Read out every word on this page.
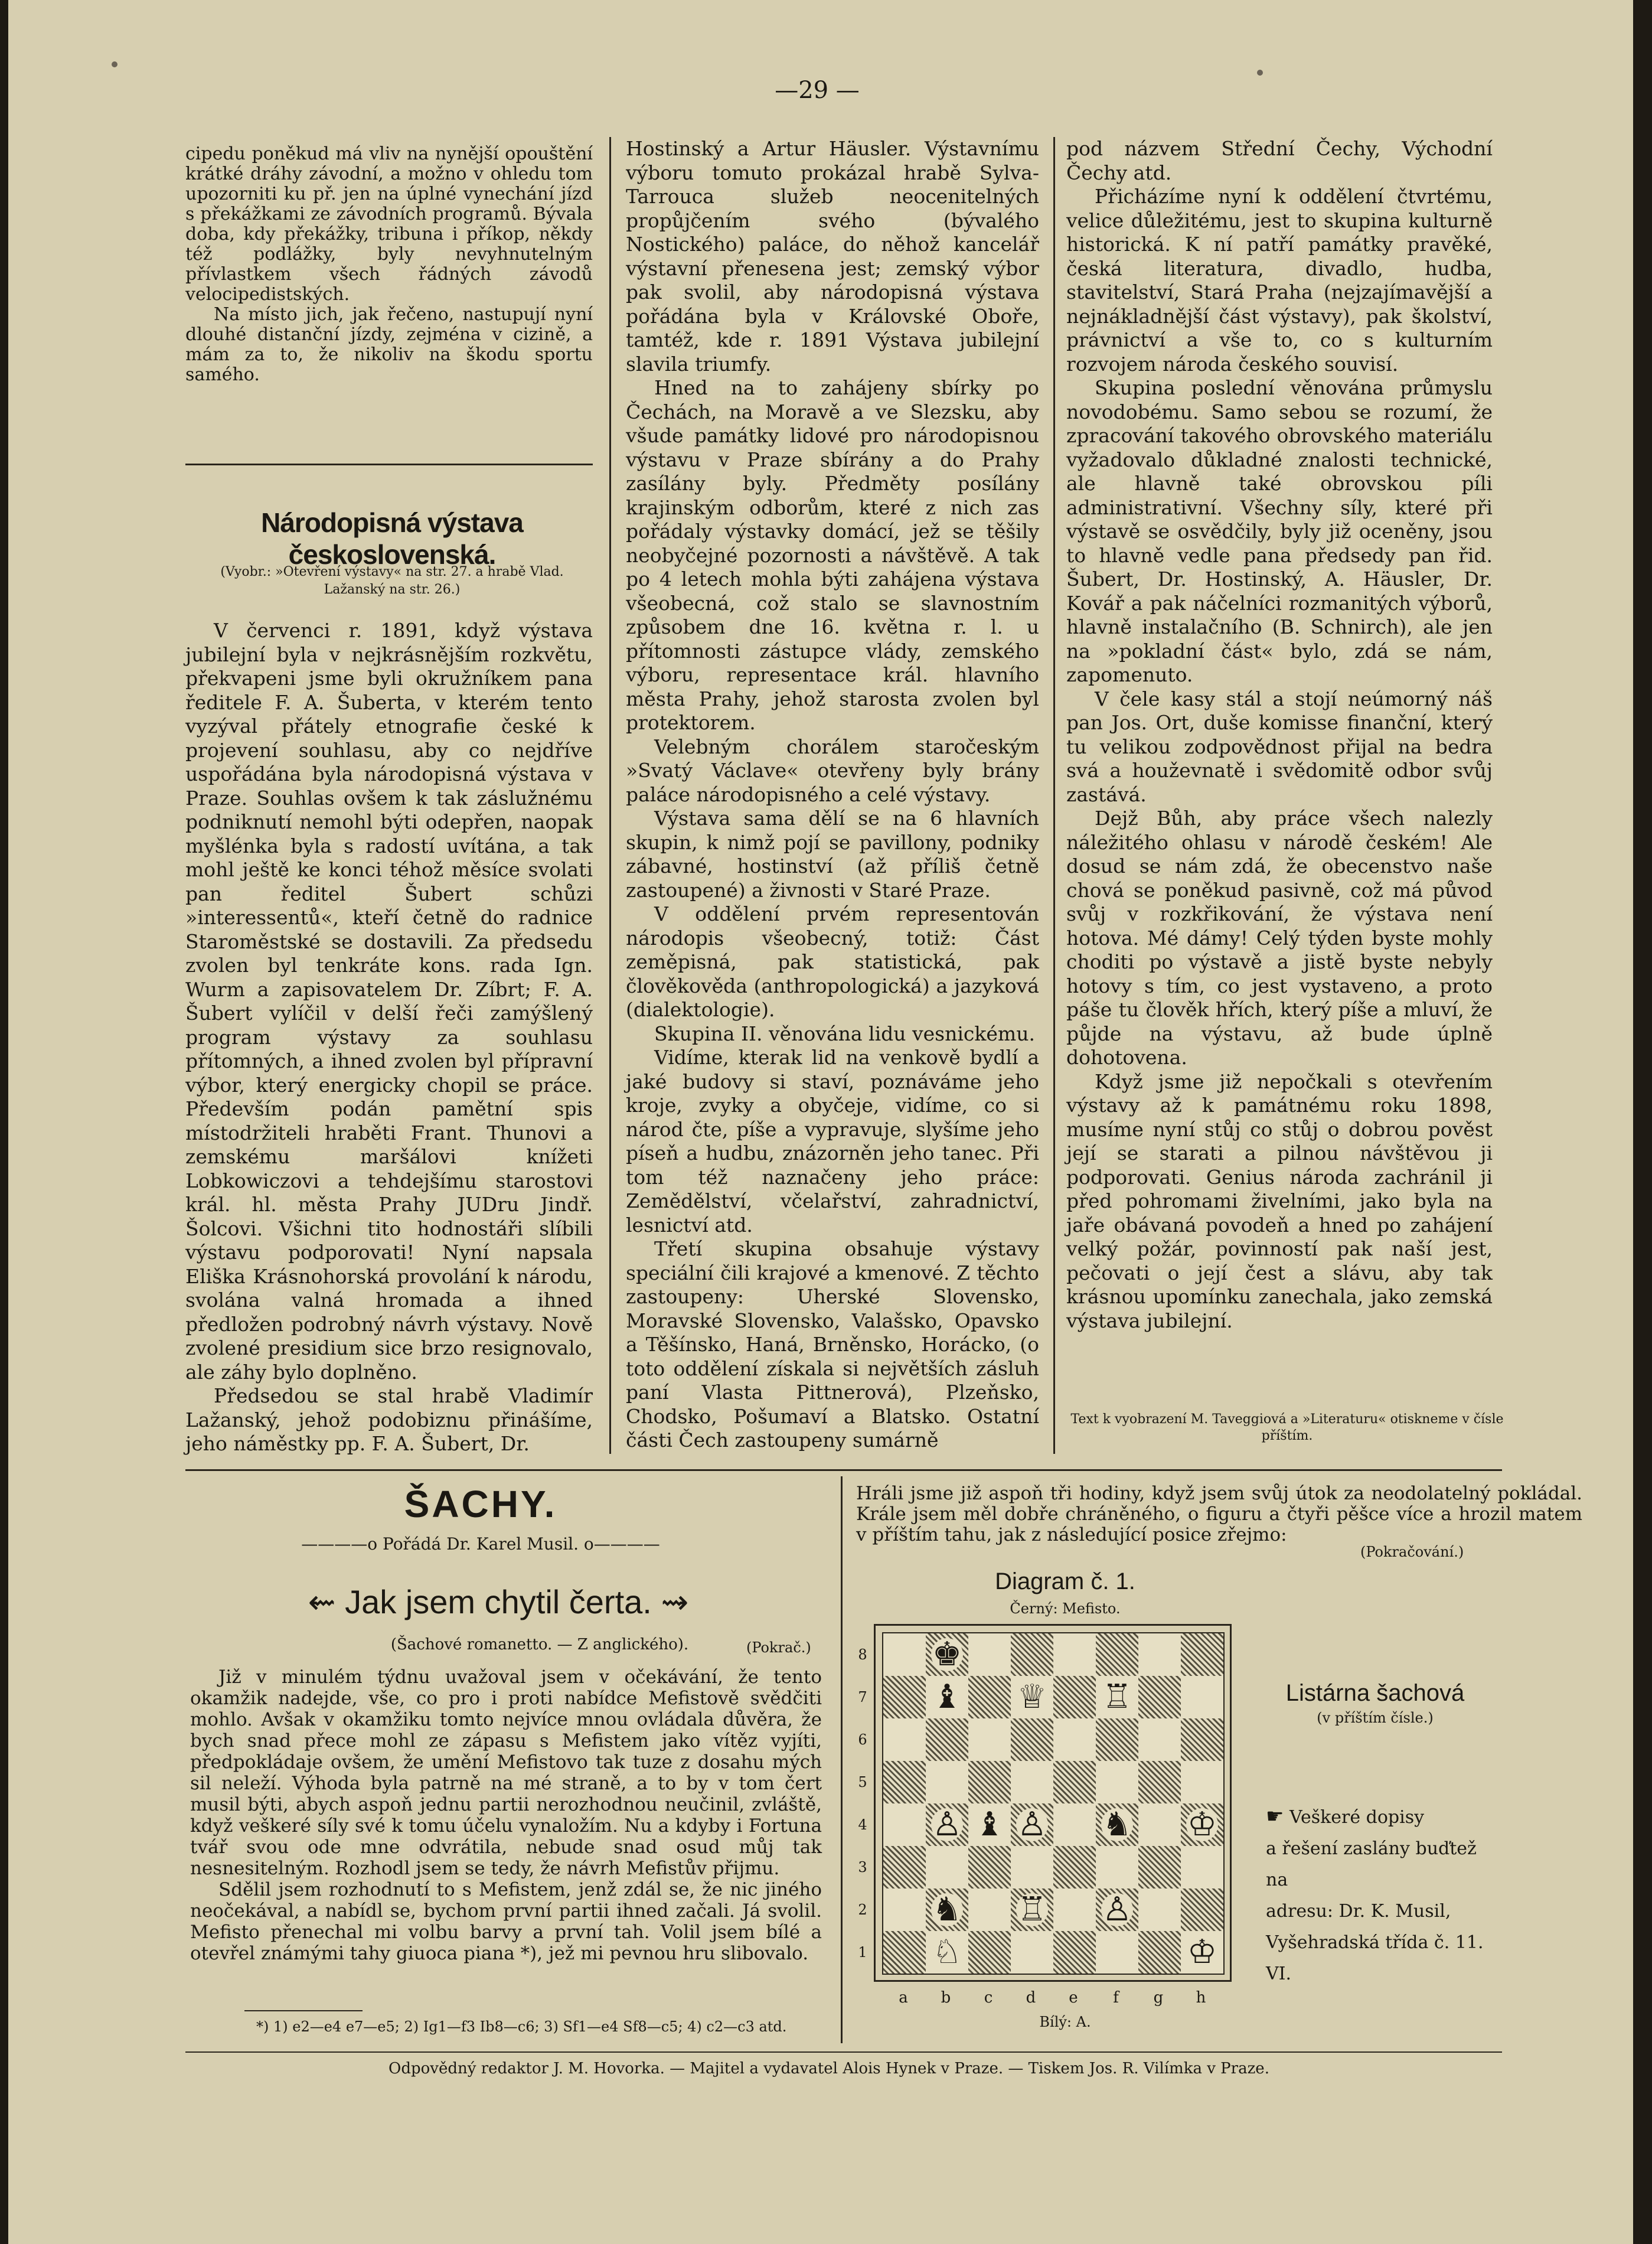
—29 —

cipedu poněkud má vliv na nynější opouštění krátké dráhy závodní, a možno v ohledu tom upozorniti ku př. jen na úplné vynechání jízd s překážkami ze závodních programů. Bývala doba, kdy překážky, tribuna i příkop, někdy též podlážky, byly nevyhnutelným přívlastkem všech řádných závodů velocipedistských.

Na místo jich, jak řečeno, nastupují nyní dlouhé distanční jízdy, zejména v cizině, a mám za to, že nikoliv na škodu sportu samého.

Národopisná výstava československá.
(Vyobr.: »Otevření výstavy« na str. 27. a hrabě Vlad. Lažanský na str. 26.)

V červenci r. 1891, když výstava jubilejní byla v nejkrásnějším rozkvětu, překvapeni jsme byli okružníkem pana ředitele F. A. Šuberta, v kterém tento vyzýval přátely etnografie české k projevení souhlasu, aby co nejdříve uspořádána byla národopisná výstava v Praze. Souhlas ovšem k tak záslužnému podniknutí nemohl býti odepřen, naopak myšlénka byla s radostí uvítána, a tak mohl ještě ke konci téhož měsíce svolati pan ředitel Šubert schůzi »interessentů«, kteří četně do radnice Staroměstské se dostavili. Za předsedu zvolen byl tenkráte kons. rada Ign. Wurm a zapisovatelem Dr. Zíbrt; F. A. Šubert vylíčil v delší řeči zamýšlený program výstavy za souhlasu přítomných, a ihned zvolen byl přípravní výbor, který energicky chopil se práce. Především podán pamětní spis místodržiteli hraběti Frant. Thunovi a zemskému maršálovi knížeti Lobkowiczovi a tehdejšímu starostovi král. hl. města Prahy JUDru Jindř. Šolcovi. Všichni tito hodnostáři slíbili výstavu podporovati! Nyní napsala Eliška Krásnohorská provolání k národu, svolána valná hromada a ihned předložen podrobný návrh výstavy. Nově zvolené presidium sice brzo resignovalo, ale záhy bylo doplněno.

Předsedou se stal hrabě Vladimír Lažanský, jehož podobiznu přinášíme, jeho náměstky pp. F. A. Šubert, Dr.

Hostinský a Artur Häusler. Výstavnímu výboru tomuto prokázal hrabě Sylva-Tarrouca služeb neocenitelných propůjčením svého (bývalého Nostického) paláce, do něhož kancelář výstavní přenesena jest; zemský výbor pak svolil, aby národopisná výstava pořádána byla v Královské Oboře, tamtéž, kde r. 1891 Výstava jubilejní slavila triumfy.

Hned na to zahájeny sbírky po Čechách, na Moravě a ve Slezsku, aby všude památky lidové pro národopisnou výstavu v Praze sbírány a do Prahy zasílány byly. Předměty posílány krajinským odborům, které z nich zas pořádaly výstavky domácí, jež se těšily neobyčejné pozornosti a návštěvě. A tak po 4 letech mohla býti zahájena výstava všeobecná, což stalo se slavnostním způsobem dne 16. května r. l. u přítomnosti zástupce vlády, zemského výboru, representace král. hlavního města Prahy, jehož starosta zvolen byl protektorem.

Velebným chorálem staročeským »Svatý Václave« otevřeny byly brány paláce národopisného a celé výstavy.

Výstava sama dělí se na 6 hlavních skupin, k nimž pojí se pavillony, podniky zábavné, hostinství (až příliš četně zastoupené) a živnosti v Staré Praze.

V oddělení prvém representován národopis všeobecný, totiž: Část zeměpisná, pak statistická, pak člověkověda (anthropologická) a jazyková (dialektologie).

Skupina II. věnována lidu vesnickému.

Vidíme, kterak lid na venkově bydlí a jaké budovy si staví, poznáváme jeho kroje, zvyky a obyčeje, vidíme, co si národ čte, píše a vypravuje, slyšíme jeho píseň a hudbu, znázorněn jeho tanec. Při tom též naznačeny jeho práce: Zemědělství, včelařství, zahradnictví, lesnictví atd.

Třetí skupina obsahuje výstavy speciální čili krajové a kmenové. Z těchto zastoupeny: Uherské Slovensko, Moravské Slovensko, Valašsko, Opavsko a Těšínsko, Haná, Brněnsko, Horácko, (o toto oddělení získala si největších zásluh paní Vlasta Pittnerová), Plzeňsko, Chodsko, Pošumaví a Blatsko. Ostatní části Čech zastoupeny sumárně

pod názvem Střední Čechy, Východní Čechy atd.

Přicházíme nyní k oddělení čtvrtému, velice důležitému, jest to skupina kulturně historická. K ní patří památky pravěké, česká literatura, divadlo, hudba, stavitelství, Stará Praha (nejzajímavější a nejnákladnější část výstavy), pak školství, právnictví a vše to, co s kulturním rozvojem národa českého souvisí.

Skupina poslední věnována průmyslu novodobému. Samo sebou se rozumí, že zpracování takového obrovského materiálu vyžadovalo důkladné znalosti technické, ale hlavně také obrovskou píli administrativní. Všechny síly, které při výstavě se osvědčily, byly již oceněny, jsou to hlavně vedle pana předsedy pan řid. Šubert, Dr. Hostinský, A. Häusler, Dr. Kovář a pak náčelníci rozmanitých výborů, hlavně instalačního (B. Schnirch), ale jen na »pokladní část« bylo, zdá se nám, zapomenuto.

V čele kasy stál a stojí neúmorný náš pan Jos. Ort, duše komisse finanční, který tu velikou zodpovědnost přijal na bedra svá a houževnatě i svědomitě odbor svůj zastává.

Dejž Bůh, aby práce všech nalezly náležitého ohlasu v národě českém! Ale dosud se nám zdá, že obecenstvo naše chová se poněkud pasivně, což má původ svůj v rozkřikování, že výstava není hotova. Mé dámy! Celý týden byste mohly choditi po výstavě a jistě byste nebyly hotovy s tím, co jest vystaveno, a proto páše tu člověk hřích, který píše a mluví, že půjde na výstavu, až bude úplně dohotovena.

Když jsme již nepočkali s otevřením výstavy až k památnému roku 1898, musíme nyní stůj co stůj o dobrou pověst její se starati a pilnou návštěvou ji podporovati. Genius národa zachránil ji před pohromami živelními, jako byla na jaře obávaná povodeň a hned po zahájení velký požár, povinností pak naší jest, pečovati o její čest a slávu, aby tak krásnou upomínku zanechala, jako zemská výstava jubilejní.

Text k vyobrazení M. Taveggiová a »Literaturu« otiskneme v čísle příštím.
ŠACHY.
————o Pořádá Dr. Karel Musil. o————
⇜ Jak jsem chytil čerta. ⇝
(Šachové romanetto. — Z anglického).	(Pokrač.)

Již v minulém týdnu uvažoval jsem v očekávání, že tento okamžik nadejde, vše, co pro i proti nabídce Mefistově svědčiti mohlo. Avšak v okamžiku tomto nejvíce mnou ovládala důvěra, že bych snad přece mohl ze zápasu s Mefistem jako vítěz vyjíti, předpokládaje ovšem, že umění Mefistovo tak tuze z dosahu mých sil neleží. Výhoda byla patrně na mé straně, a to by v tom čert musil býti, abych aspoň jednu partii nerozhodnou neučinil, zvláště, když veškeré síly své k tomu účelu vynaložím. Nu a kdyby i Fortuna tvář svou ode mne odvrátila, nebude snad osud můj tak nesnesitelným. Rozhodl jsem se tedy, že návrh Mefistův přijmu.

Sdělil jsem rozhodnutí to s Mefistem, jenž zdál se, že nic jiného neočekával, a nabídl se, bychom první partii ihned začali. Já svolil. Mefisto přenechal mi volbu barvy a první tah. Volil jsem bílé a otevřel známými tahy giuoca piana *), jež mi pevnou hru slibovalo.

*) 1) e2—e4 e7—e5; 2) Ig1—f3 Ib8—c6; 3) Sf1—e4 Sf8—c5; 4) c2—c3 atd.
Hráli jsme již aspoň tři hodiny, když jsem svůj útok za neodolatelný pokládal. Krále jsem měl dobře chráněného, o figuru a čtyři pěšce více a hrozil matem v příštím tahu, jak z následující posice zřejmo:
(Pokračování.)
Diagram č. 1.
Černý: Mefisto.
♚
♝ ♕ ♖
♙ ♝ ♙ ♞ ♔
♞ ♖ ♙
♘	♔
8
7
6
5
4
3
2
1
a	b	c	d	e	f	g	h
Bílý: A.
Listárna šachová
(v příštím čísle.)

☛ Veškeré dopisy

a řešení zaslány buďtež na

adresu: Dr. K. Musil,

Vyšehradská třída č. 11.

VI.

Odpovědný redaktor J. M. Hovorka. — Majitel a vydavatel Alois Hynek v Praze. — Tiskem Jos. R. Vilímka v Praze.
